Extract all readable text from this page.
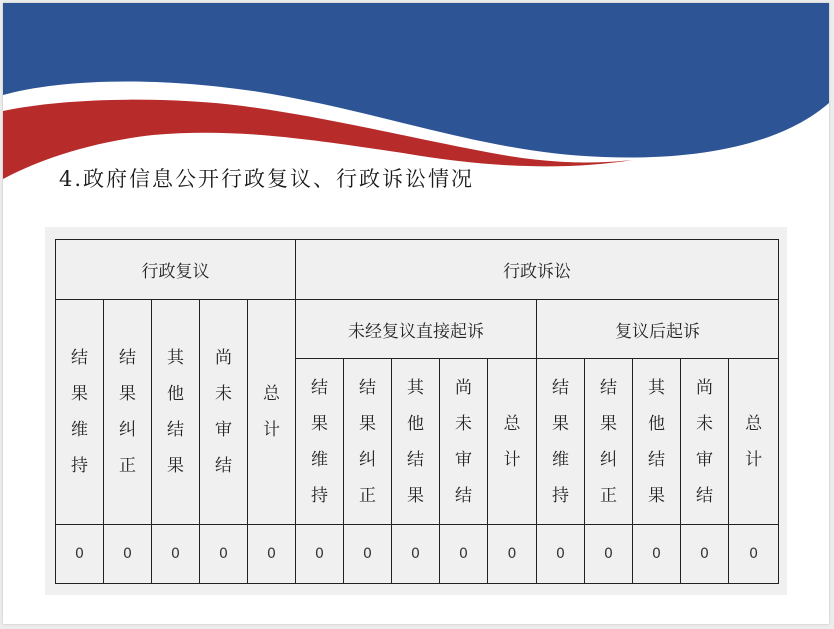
4.政府信息公开行政复议、行政诉讼情况
行政复议					行政诉讼									
结果维持	结果纠正	其他结果	尚未审结	总计	未经复议直接起诉					复议后起诉				
					结果维持	结果纠正	其他结果	尚未审结	总计	结果维持	结果纠正	其他结果	尚未审结	总计
0	0	0	0	0	0	0	0	0	0	0	0	0	0	0
